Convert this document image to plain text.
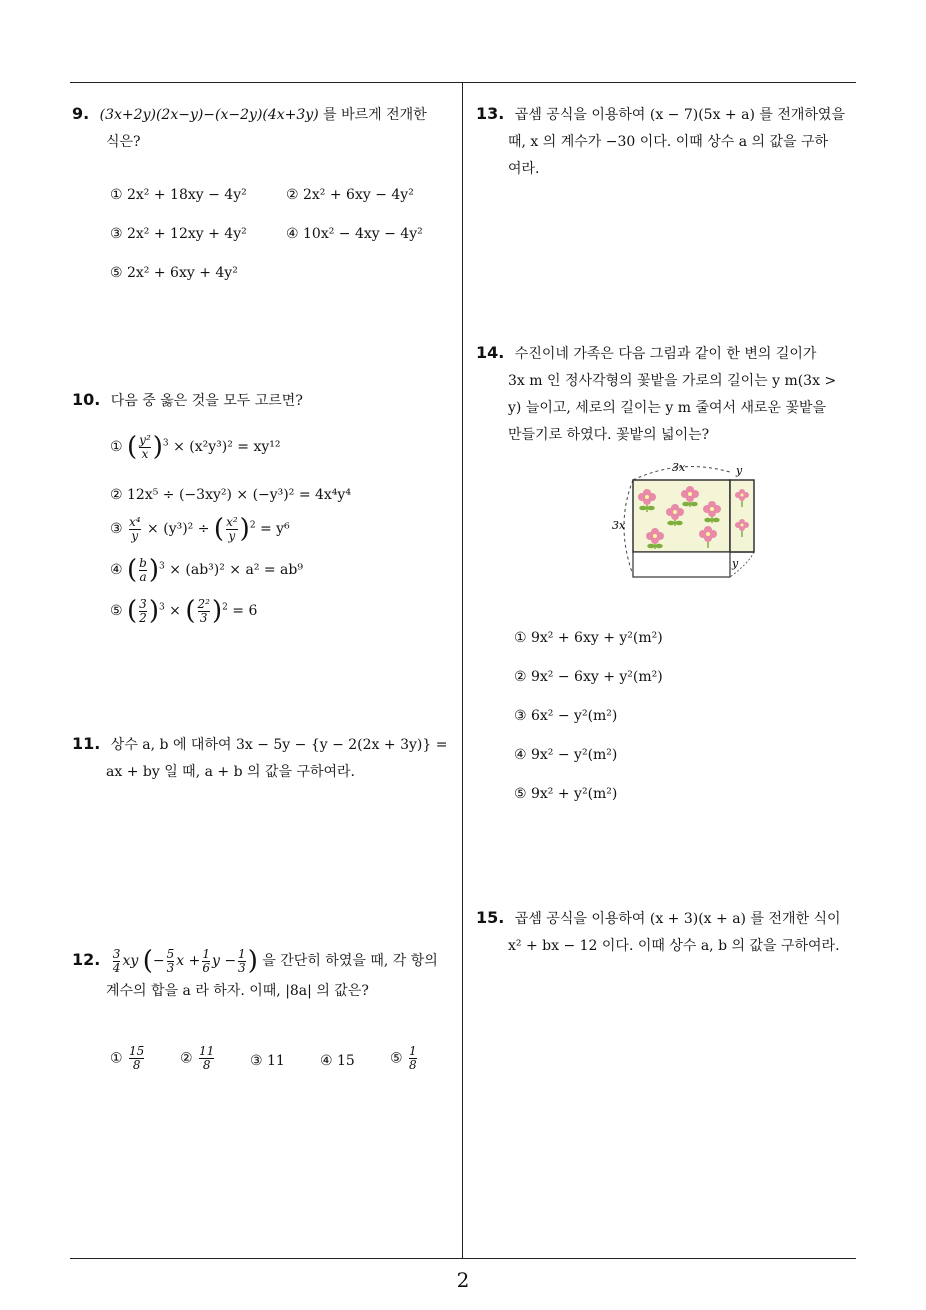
9. (3x+2y)(2x−y)−(x−2y)(4x+3y) 를 바르게 전개한
식은?
① 2x² + 18xy − 4y²	② 2x² + 6xy − 4y²
③ 2x² + 12xy + 4y²	④ 10x² − 4xy − 4y²
⑤ 2x² + 6xy + 4y²
10. 다음 중 옳은 것을 모두 고르면?
① ( $\frac{\text{y²}}{x} )^3 \times (x^2y^3)^2 = xy^{12}$
② 12x⁵ ÷ (−3xy²) × (−y³)² = 4x⁴y⁴
③ $\frac{\text{x⁴}}{y} \times (y^3)^2$ ÷ ( $\frac{\text{x²}}{y} )^2 = y^6$
④ ( $\frac{b}{a} )^3 \times (ab^3)^2 \times a^2 = ab^9$
⑤ ( $\frac{3}{2} )^3$ × ( $\frac{\text{2²}}{3} )^2 = 6$
11. 상수 a, b 에 대하여 3x − 5y − {y − 2(2x + 3y)} =
ax + by 일 때, a + b 의 값을 구하여라.
12. $\frac{3}{4}$ xy (− $\frac{5}{3}$ $x + \frac{1}{6}$ $y - \frac{1}{3}$ ) 을 간단히 하였을 때, 각 항의
계수의 합을 a 라 하자. 이때, |8a| 의 값은?
① $\frac{15}{8}$	② $\frac{11}{8}$	③ 11	④ 15	⑤ $\frac{1}{8}$
13. 곱셈 공식을 이용하여 (x − 7)(5x + a) 를 전개하였을
때, x 의 계수가 −30 이다. 이때 상수 a 의 값을 구하
여라.
14. 수진이네 가족은 다음 그림과 같이 한 변의 길이가
3x m 인 정사각형의 꽃밭을 가로의 길이는 y m(3x >
y) 늘이고, 세로의 길이는 y m 줄여서 새로운 꽃밭을
만들기로 하였다. 꽃밭의 넓이는?
3x	y
3x
y
① 9x² + 6xy + y²(m²)
② 9x² − 6xy + y²(m²)
③ 6x² − y²(m²)
④ 9x² − y²(m²)
⑤ 9x² + y²(m²)
15. 곱셈 공식을 이용하여 (x + 3)(x + a) 를 전개한 식이
x² + bx − 12 이다. 이때 상수 a, b 의 값을 구하여라.
2
